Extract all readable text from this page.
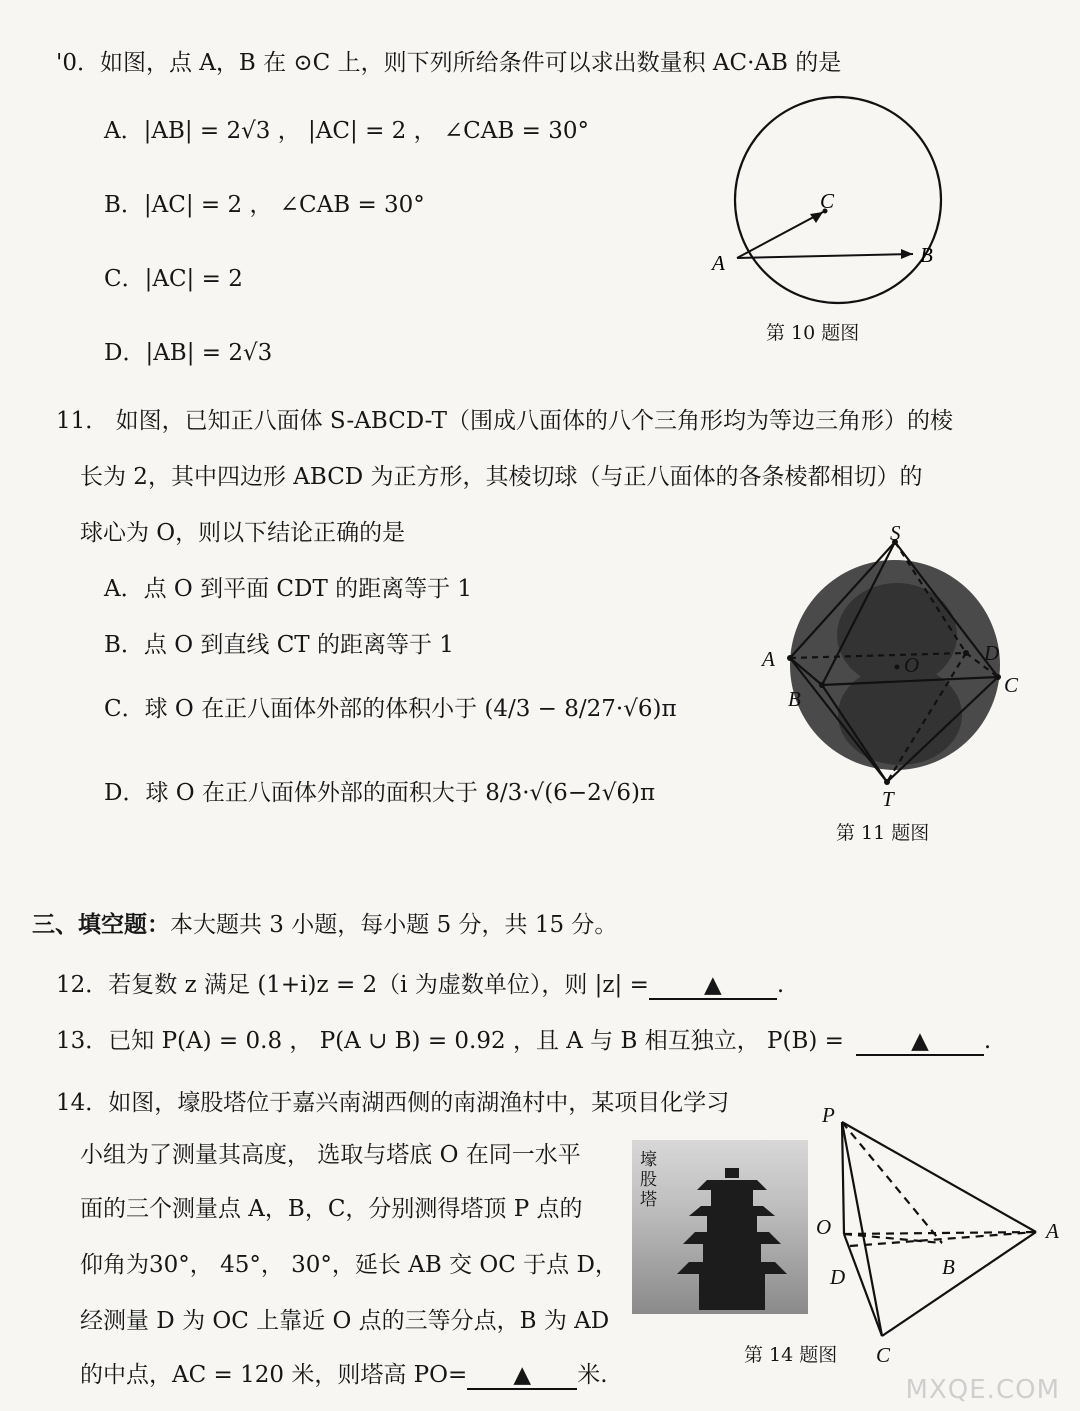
'0．如图，点 A，B 在 ⊙C 上，则下列所给条件可以求出数量积 AC·AB 的是
A．|AB| = 2√3 ， |AC| = 2 ， ∠CAB = 30°
B．|AC| = 2 ， ∠CAB = 30°
C．|AC| = 2
D．|AB| = 2√3
C
A	B
第 10 题图
11． 如图，已知正八面体 S-ABCD-T（围成八面体的八个三角形均为等边三角形）的棱
长为 2，其中四边形 ABCD 为正方形，其棱切球（与正八面体的各条棱都相切）的
球心为 O，则以下结论正确的是
A．点 O 到平面 CDT 的距离等于 1
B．点 O 到直线 CT 的距离等于 1
C．球 O 在正八面体外部的体积小于 (4/3 − 8/27·√6)π
D．球 O 在正八面体外部的面积大于 8/3·√(6−2√6)π
S
A
B
C
D
O
T
第 11 题图
三、填空题：本大题共 3 小题，每小题 5 分，共 15 分。
12．若复数 z 满足 (1+i)z = 2（i 为虚数单位），则 |z| = ▲ .
13．已知 P(A) = 0.8 ， P(A ∪ B) = 0.92 ，且 A 与 B 相互独立， P(B) =	▲ .
14．如图，壕股塔位于嘉兴南湖西侧的南湖渔村中，某项目化学习
小组为了测量其高度， 选取与塔底 O 在同一水平
面的三个测量点 A，B，C，分别测得塔顶 P 点的
仰角为30°， 45°， 30°，延长 AB 交 OC 于点 D，
经测量 D 为 OC 上靠近 O 点的三等分点，B 为 AD
的中点，AC = 120 米，则塔高 PO= ▲ 米.
壕股塔
P
O	A
B
D
C
第 14 题图
MXQE.COM
